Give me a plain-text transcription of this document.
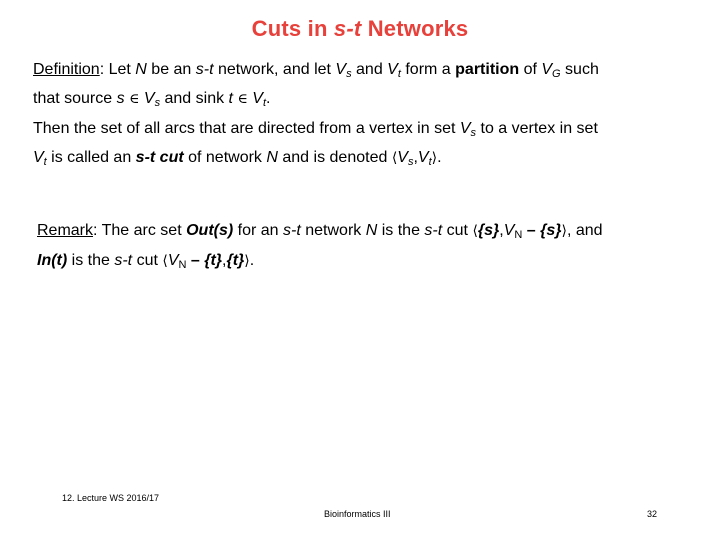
Cuts in s-t Networks
Definition: Let N be an s-t network, and let $V_s$ and $V_t$ form a partition of $V_G$ such
that source s ∈ $V_s$ and sink t ∈ $V_t$.
Then the set of all arcs that are directed from a vertex in set $V_s$ to a vertex in set
$V_t$ is called an s-t cut of network N and is denoted $⟨V_s,V_t⟩$.
Remark: The arc set Out(s) for an s-t network N is the s-t cut $⟨\{s\},V_N$ – {s}⟩, and
In(t) is the s-t cut $⟨V_N$ – {t},{t}⟩.
12. Lecture WS 2016/17
Bioinformatics III	32
